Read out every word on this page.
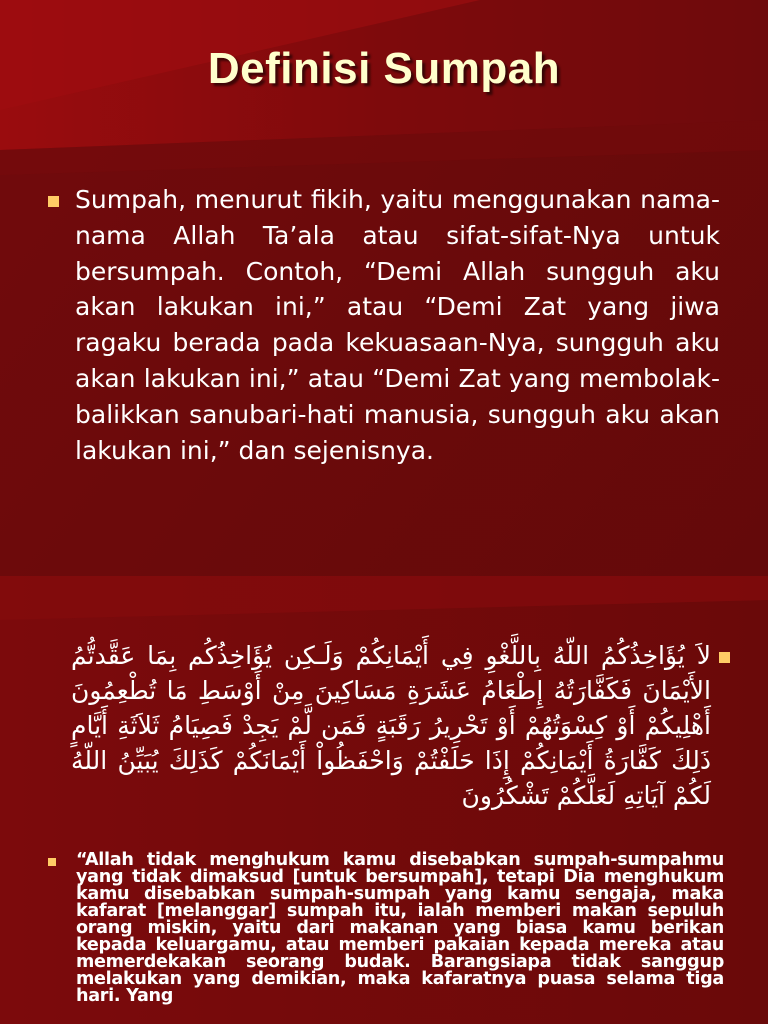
Definisi Sumpah
Sumpah, menurut fikih, yaitu menggunakan nama-nama Allah Ta’ala atau sifat-sifat-Nya untuk bersumpah. Contoh, “Demi Allah sungguh aku akan lakukan ini,” atau “Demi Zat yang jiwa ragaku berada pada kekuasaan-Nya, sungguh aku akan lakukan ini,” atau “Demi Zat yang membolak-balikkan sanubari-hati manusia, sungguh aku akan lakukan ini,” dan sejenisnya.
لاَ يُؤَاخِذُكُمُ اللّهُ بِاللَّغْوِ فِي أَيْمَانِكُمْ وَلَـكِن يُؤَاخِذُكُم بِمَا عَقَّدتُّمُ الأَيْمَانَ فَكَفَّارَتُهُ إِطْعَامُ عَشَرَةِ مَسَاكِينَ مِنْ أَوْسَطِ مَا تُطْعِمُونَ أَهْلِيكُمْ أَوْ كِسْوَتُهُمْ أَوْ تَحْرِيرُ رَقَبَةٍ فَمَن لَّمْ يَجِدْ فَصِيَامُ ثَلاَثَةِ أَيَّامٍ ذَلِكَ كَفَّارَةُ أَيْمَانِكُمْ إِذَا حَلَفْتُمْ وَاحْفَظُواْ أَيْمَانَكُمْ كَذَلِكَ يُبَيِّنُ اللّهُ لَكُمْ آيَاتِهِ لَعَلَّكُمْ تَشْكُرُونَ
“Allah tidak menghukum kamu disebabkan sumpah-sumpahmu yang tidak dimaksud [untuk bersumpah], tetapi Dia menghukum kamu disebabkan sumpah-sumpah yang kamu sengaja, maka kafarat [melanggar] sumpah itu, ialah memberi makan sepuluh orang miskin, yaitu dari makanan yang biasa kamu berikan kepada keluargamu, atau memberi pakaian kepada mereka atau memerdekakan seorang budak. Barangsiapa tidak sanggup melakukan yang demikian, maka kafaratnya puasa selama tiga hari. Yang
